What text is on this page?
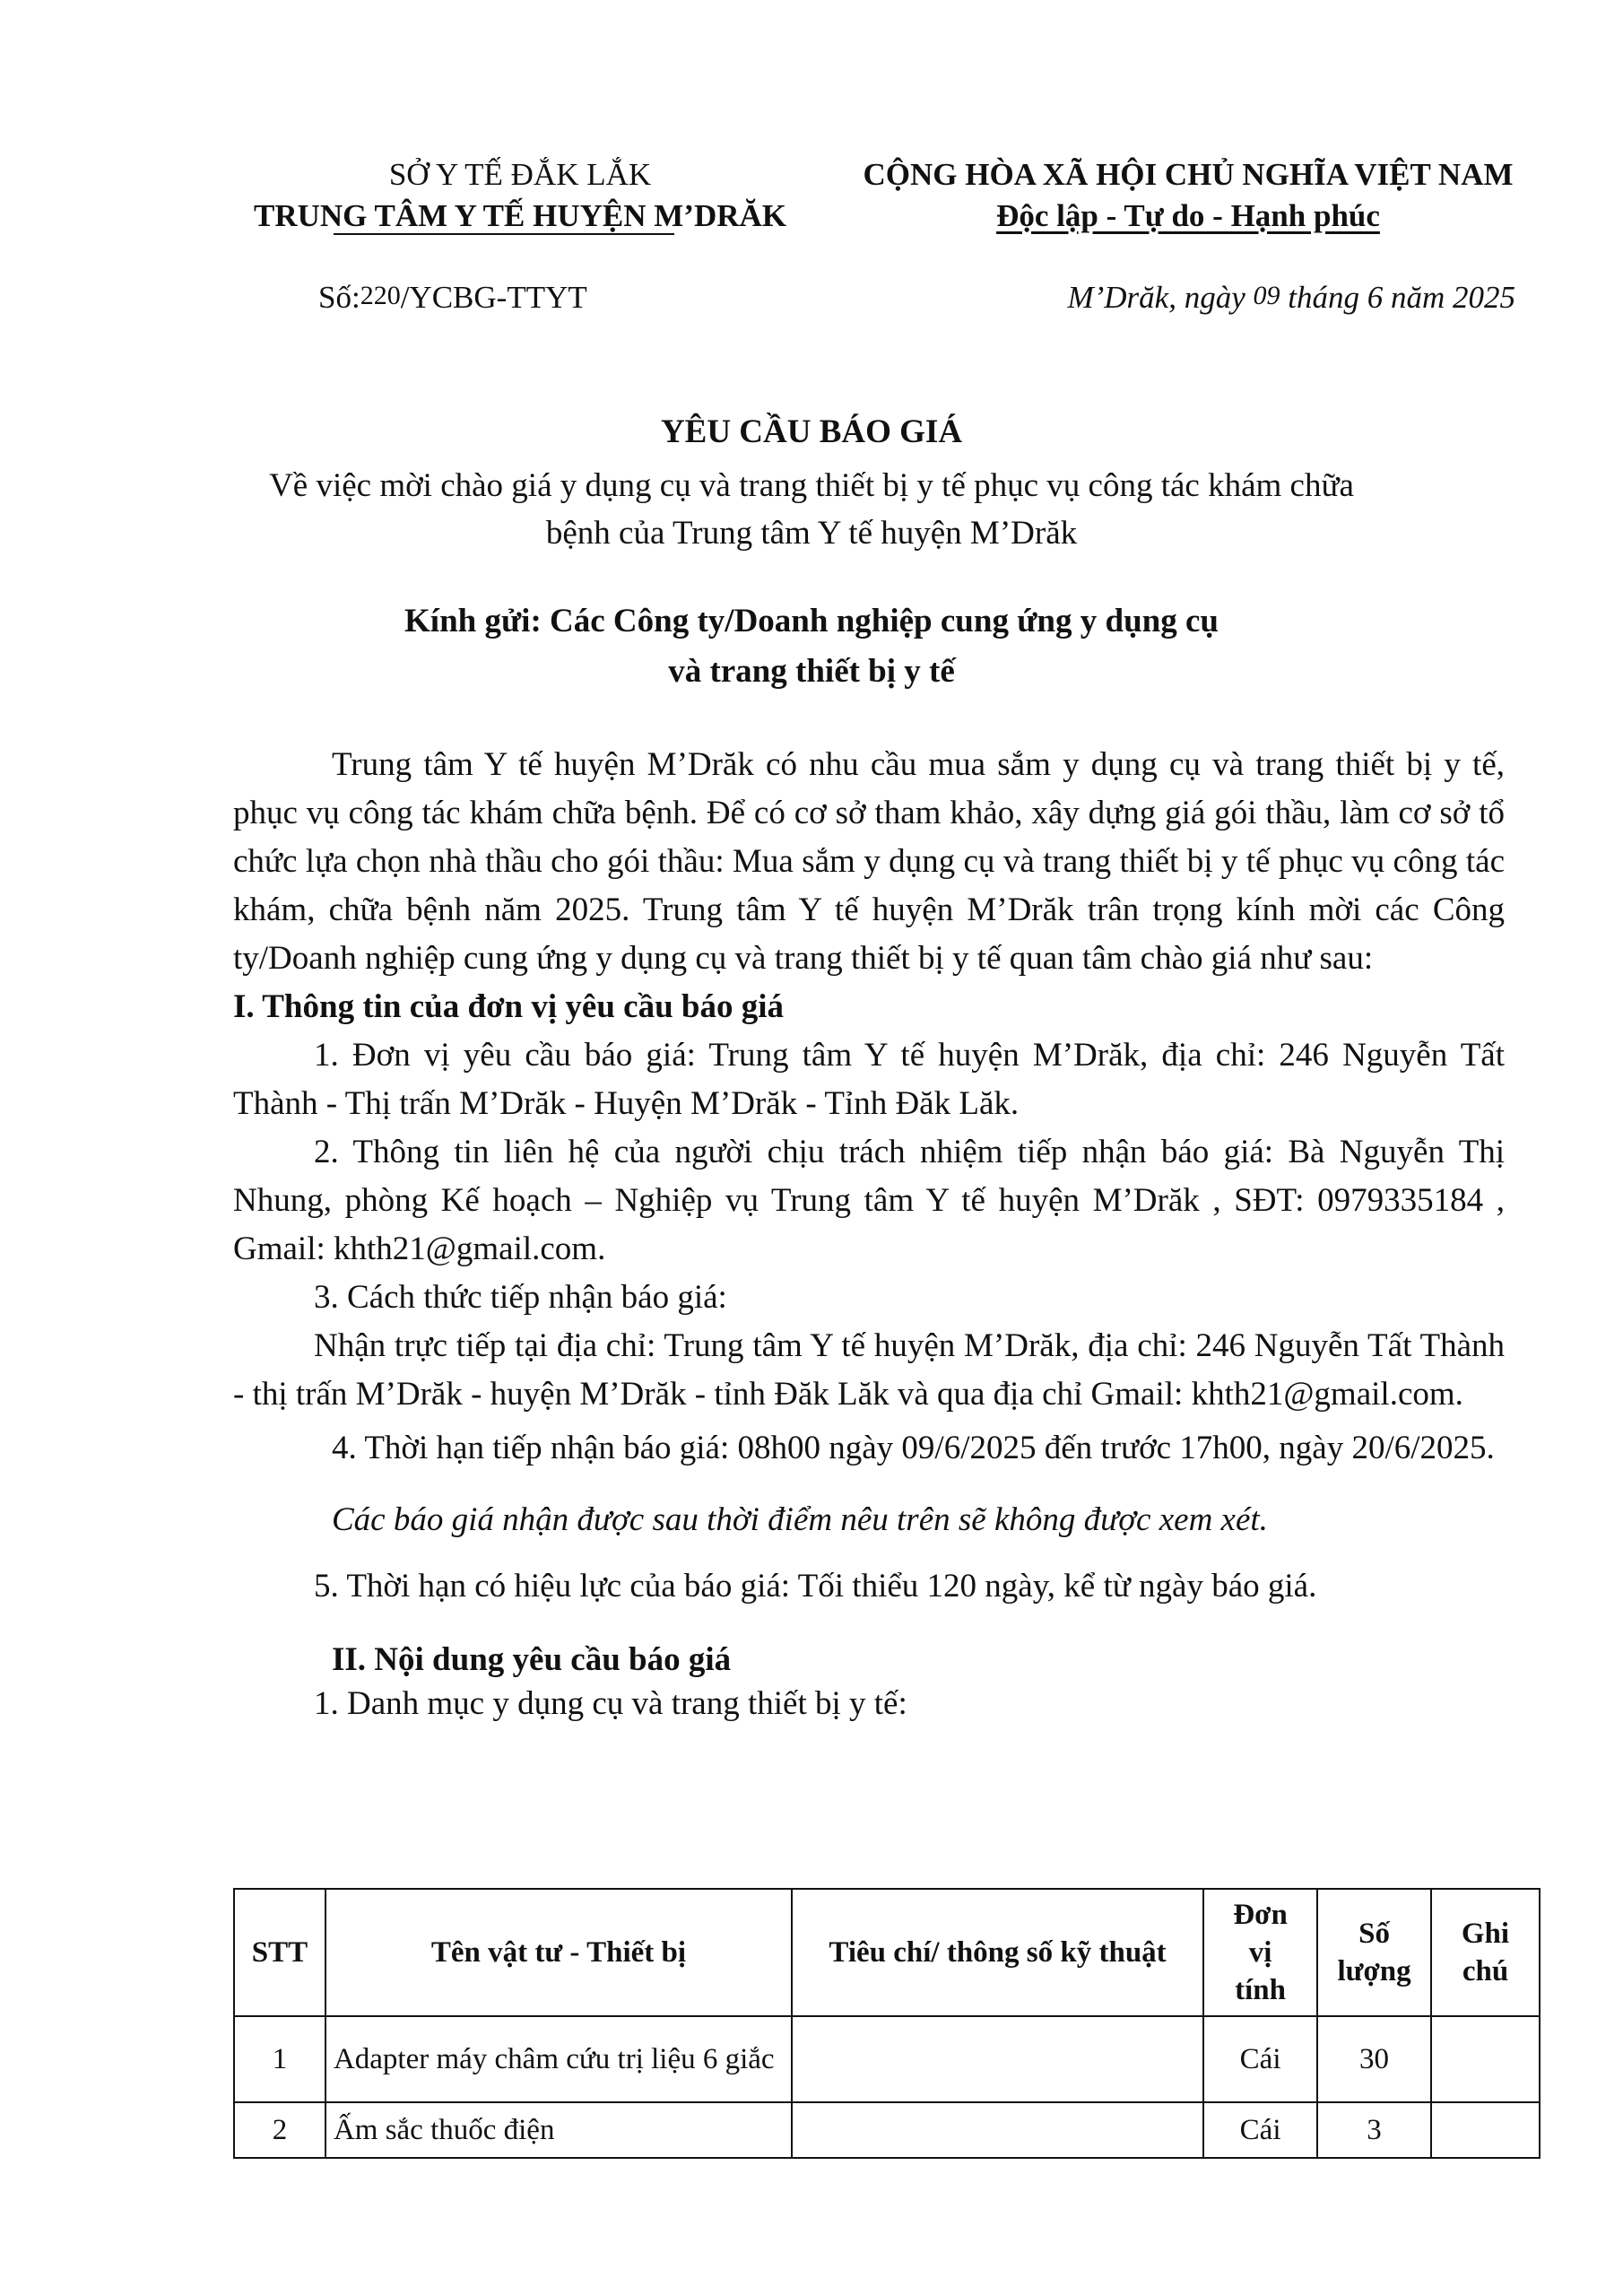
SỞ Y TẾ ĐẮK LẮK
TRUNG TÂM Y TẾ HUYỆN M’DRĂK
CỘNG HÒA XÃ HỘI CHỦ NGHĨA VIỆT NAM
Độc lập - Tự do - Hạnh phúc
Số:220/YCBG-TTYT	M’Drăk, ngày 09 tháng 6 năm 2025
YÊU CẦU BÁO GIÁ
Về việc mời chào giá y dụng cụ và trang thiết bị y tế phục vụ công tác khám chữa
bệnh của Trung tâm Y tế huyện M’Drăk
Kính gửi: Các Công ty/Doanh nghiệp cung ứng y dụng cụ
và trang thiết bị y tế

Trung tâm Y tế huyện M’Drăk có nhu cầu mua sắm y dụng cụ và trang thiết bị y tế, phục vụ công tác khám chữa bệnh. Để có cơ sở tham khảo, xây dựng giá gói thầu, làm cơ sở tổ chức lựa chọn nhà thầu cho gói thầu: Mua sắm y dụng cụ và trang thiết bị y tế phục vụ công tác khám, chữa bệnh năm 2025. Trung tâm Y tế huyện M’Drăk trân trọng kính mời các Công ty/Doanh nghiệp cung ứng y dụng cụ và trang thiết bị y tế quan tâm chào giá như sau:

I. Thông tin của đơn vị yêu cầu báo giá

1. Đơn vị yêu cầu báo giá: Trung tâm Y tế huyện M’Drăk, địa chỉ: 246 Nguyễn Tất Thành - Thị trấn M’Drăk - Huyện M’Drăk - Tỉnh Đăk Lăk.

2. Thông tin liên hệ của người chịu trách nhiệm tiếp nhận báo giá: Bà Nguyễn Thị Nhung, phòng Kế hoạch – Nghiệp vụ Trung tâm Y tế huyện M’Drăk , SĐT: 0979335184 , Gmail: khth21@gmail.com.

3. Cách thức tiếp nhận báo giá:

Nhận trực tiếp tại địa chỉ: Trung tâm Y tế huyện M’Drăk, địa chỉ: 246 Nguyễn Tất Thành - thị trấn M’Drăk - huyện M’Drăk - tỉnh Đăk Lăk và qua địa chỉ Gmail: khth21@gmail.com.

4. Thời hạn tiếp nhận báo giá: 08h00 ngày 09/6/2025 đến trước 17h00, ngày 20/6/2025.

Các báo giá nhận được sau thời điểm nêu trên sẽ không được xem xét.

5. Thời hạn có hiệu lực của báo giá: Tối thiểu 120 ngày, kể từ ngày báo giá.

II. Nội dung yêu cầu báo giá

1. Danh mục y dụng cụ và trang thiết bị y tế:

STT	Tên vật tư - Thiết bị	Tiêu chí/ thông số kỹ thuật	Đơn vị tính	Số lượng	Ghi chú
1	Adapter máy châm cứu trị liệu 6 giắc		Cái	30	
2	Ấm sắc thuốc điện		Cái	3	
